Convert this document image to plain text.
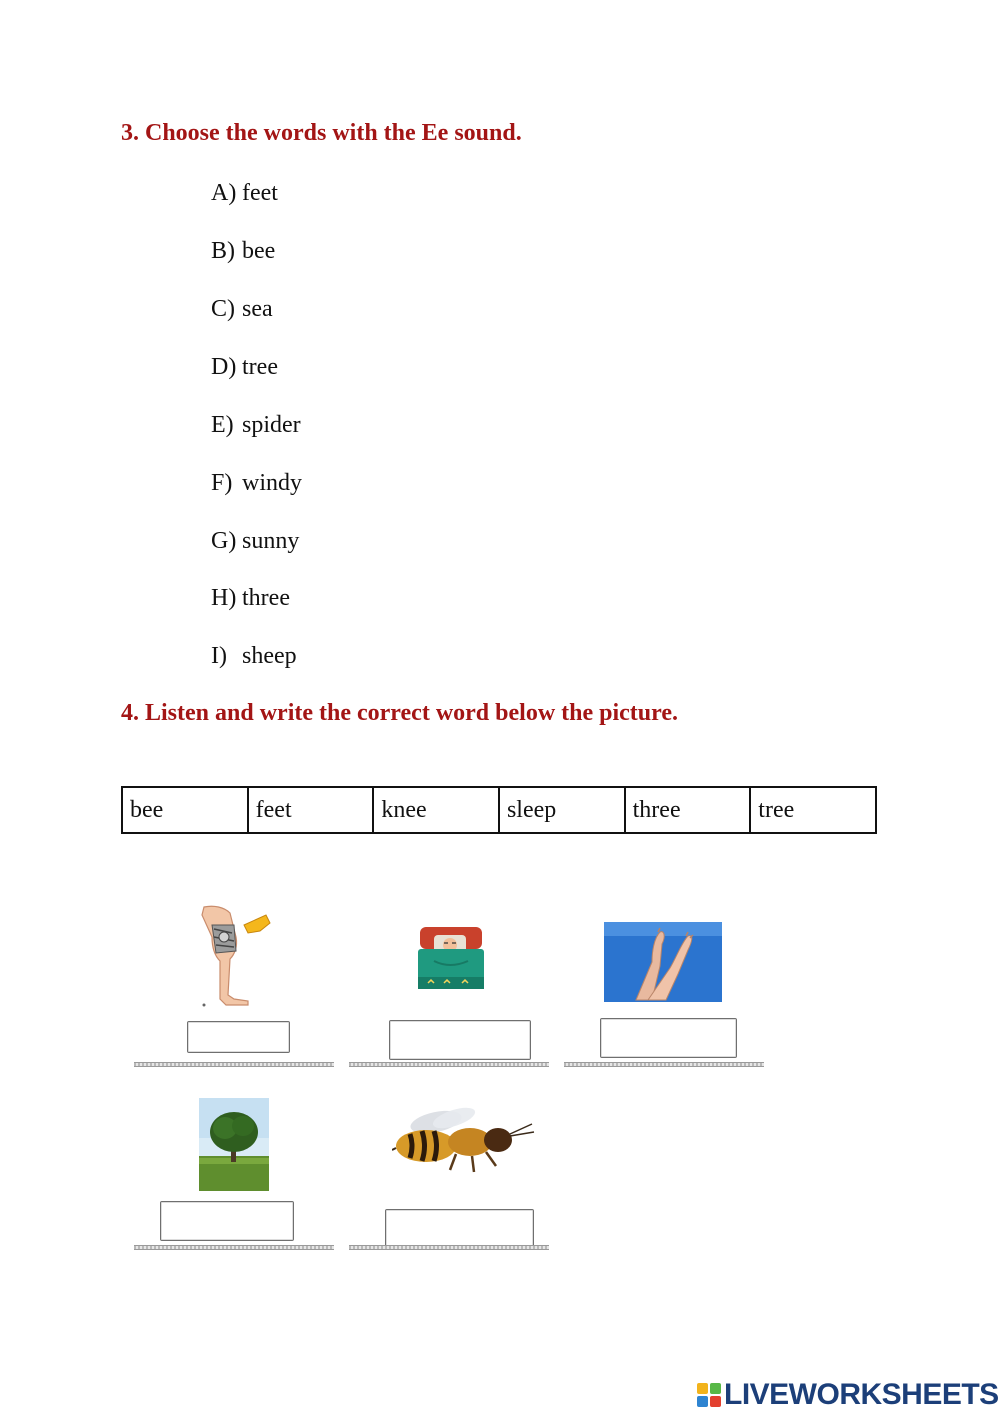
3. Choose the words with the Ee sound.
A) feet
B) bee
C) sea
D) tree
E) spider
F) windy
G) sunny
H) three
I) sheep
4. Listen and write the correct word below the picture.
bee	feet	knee	sleep	three	tree
LIVEWORKSHEETS
